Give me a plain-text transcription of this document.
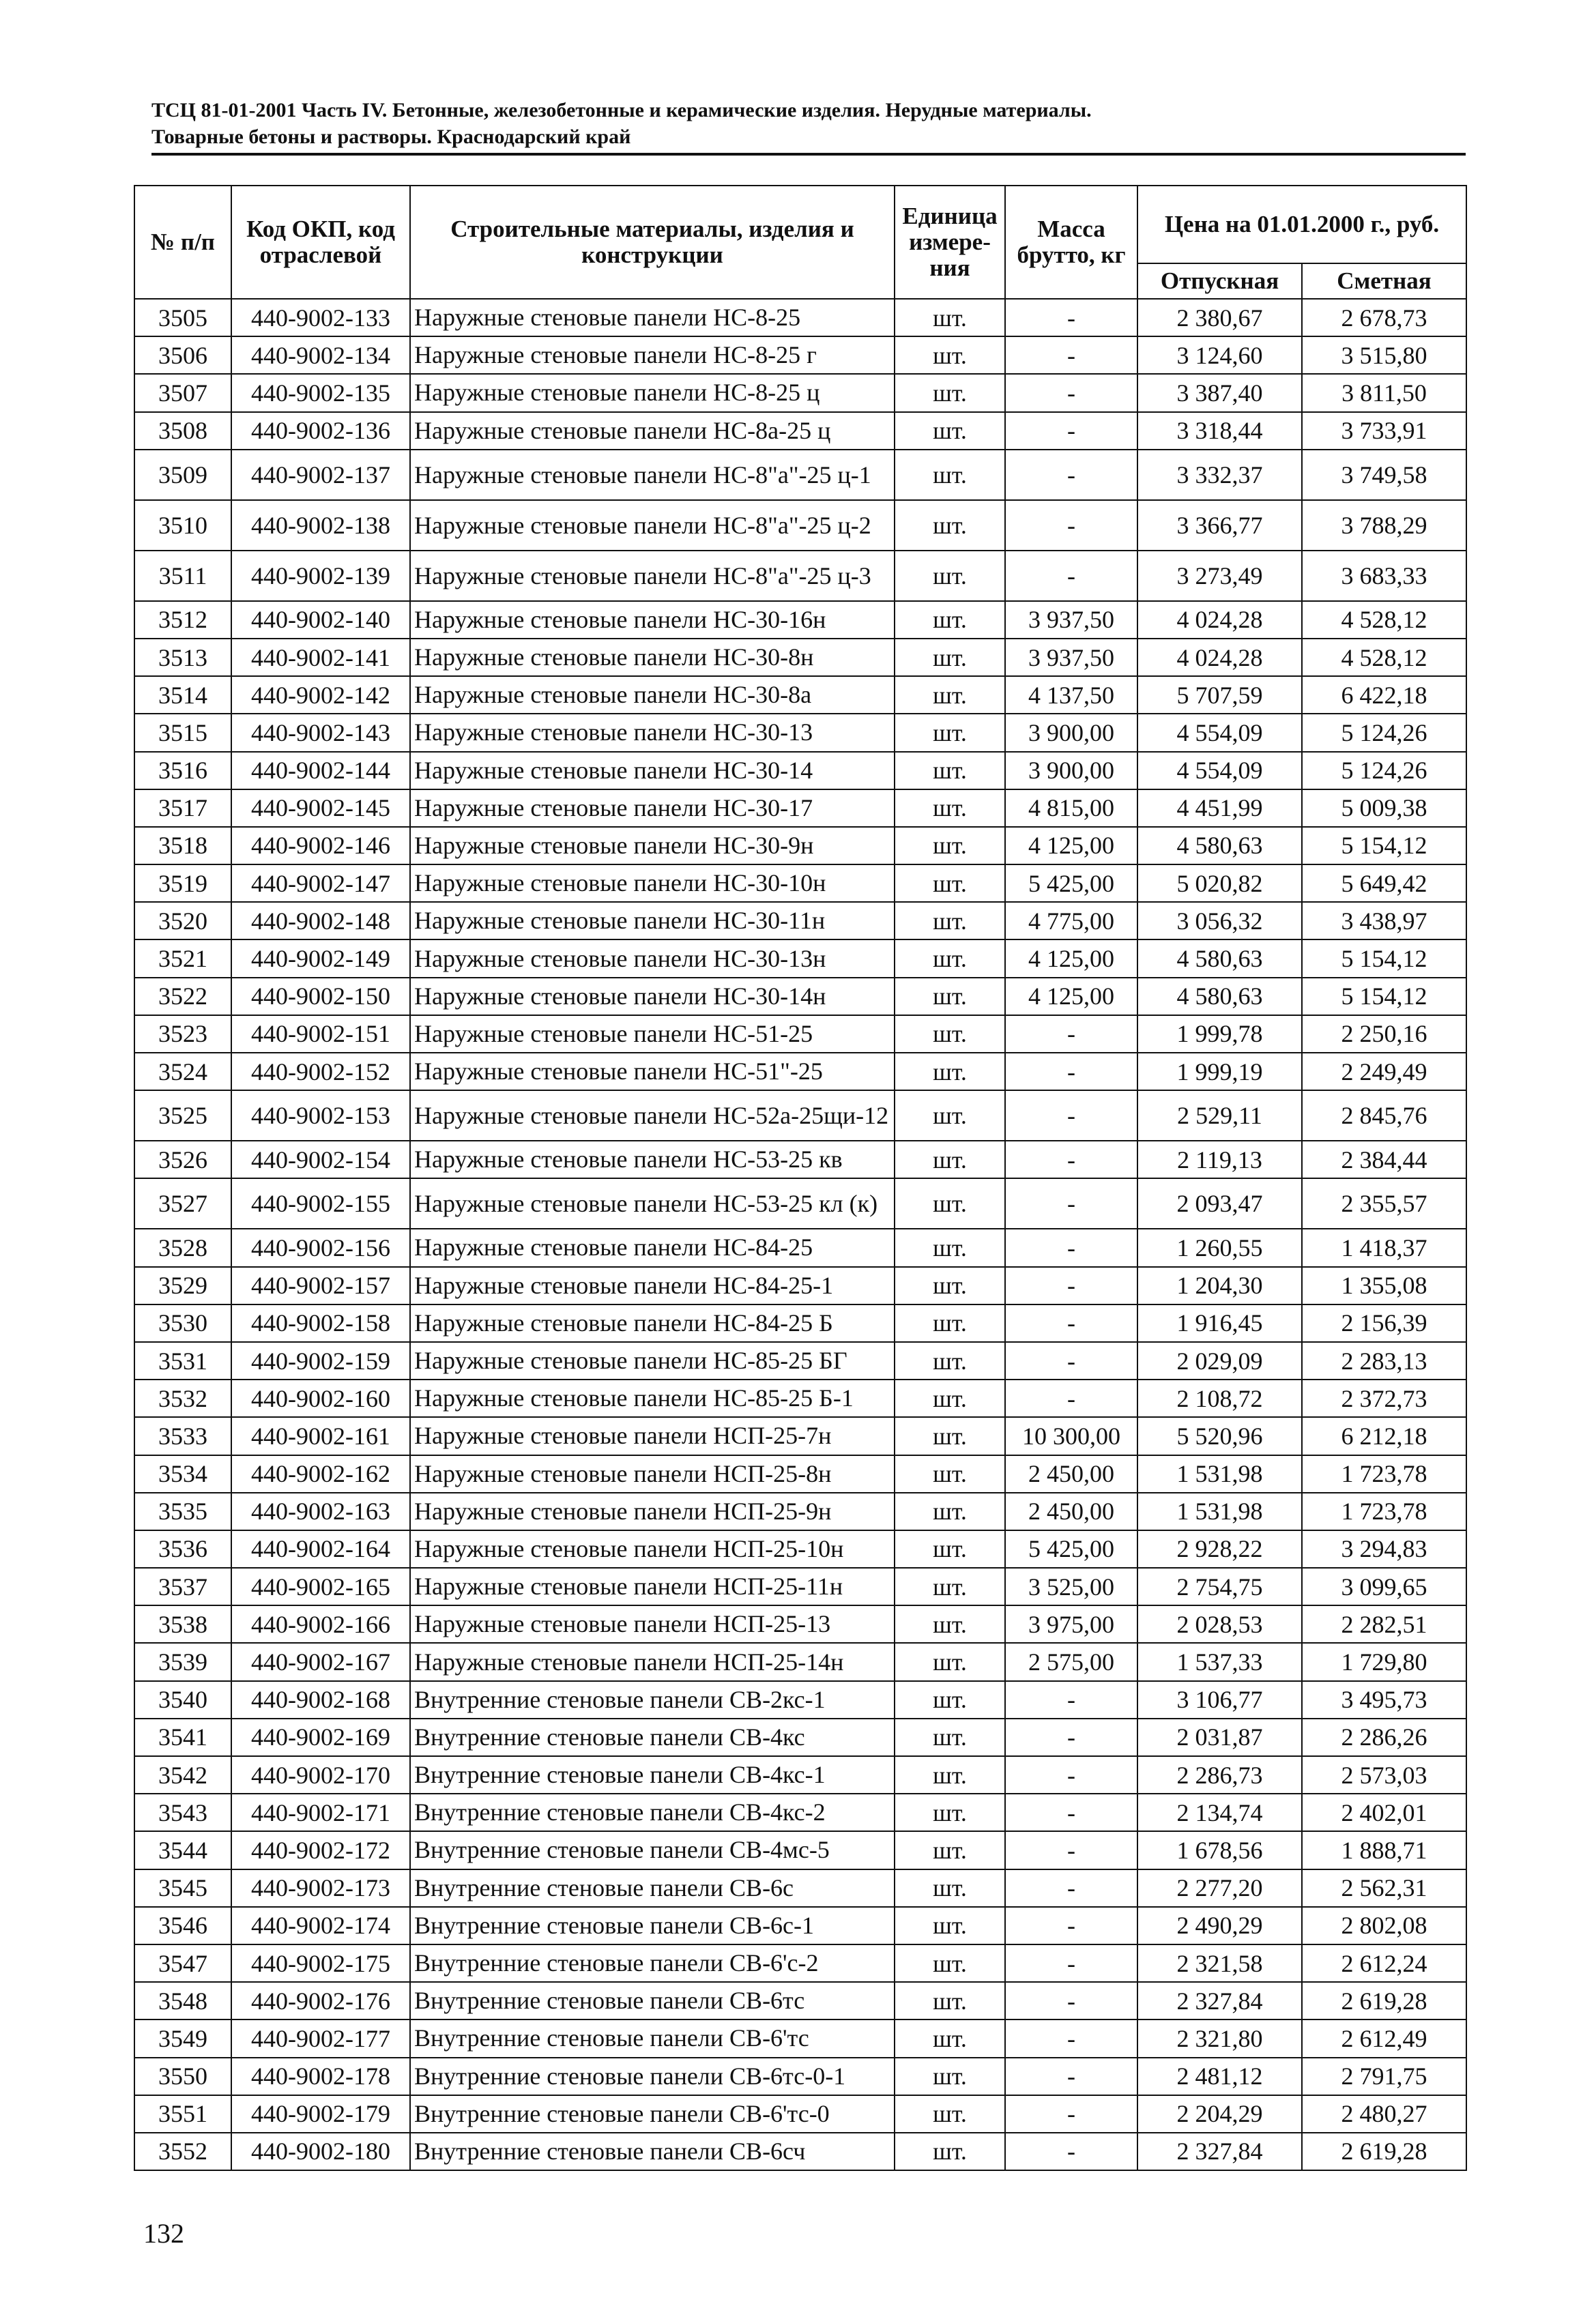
ТСЦ 81-01-2001 Часть IV. Бетонные, железобетонные и керамические изделия. Нерудные материалы.
Товарные бетоны и растворы. Краснодарский край
№ п/п	Код ОКП, код отраслевой	Строительные материалы, изделия и конструкции	Единица измере-ния	Масса брутто, кг	Цена на 01.01.2000 г., руб.	
					Отпускная	Сметная
3505	440-9002-133	Наружные стеновые панели НС-8-25	шт.	-	2 380,67	2 678,73
3506	440-9002-134	Наружные стеновые панели НС-8-25 г	шт.	-	3 124,60	3 515,80
3507	440-9002-135	Наружные стеновые панели НС-8-25 ц	шт.	-	3 387,40	3 811,50
3508	440-9002-136	Наружные стеновые панели НС-8а-25 ц	шт.	-	3 318,44	3 733,91
3509	440-9002-137	Наружные стеновые панели НС-8"а"-25 ц-1	шт.	-	3 332,37	3 749,58
3510	440-9002-138	Наружные стеновые панели НС-8"а"-25 ц-2	шт.	-	3 366,77	3 788,29
3511	440-9002-139	Наружные стеновые панели НС-8"а"-25 ц-3	шт.	-	3 273,49	3 683,33
3512	440-9002-140	Наружные стеновые панели НС-30-16н	шт.	3 937,50	4 024,28	4 528,12
3513	440-9002-141	Наружные стеновые панели НС-30-8н	шт.	3 937,50	4 024,28	4 528,12
3514	440-9002-142	Наружные стеновые панели НС-30-8а	шт.	4 137,50	5 707,59	6 422,18
3515	440-9002-143	Наружные стеновые панели НС-30-13	шт.	3 900,00	4 554,09	5 124,26
3516	440-9002-144	Наружные стеновые панели НС-30-14	шт.	3 900,00	4 554,09	5 124,26
3517	440-9002-145	Наружные стеновые панели НС-30-17	шт.	4 815,00	4 451,99	5 009,38
3518	440-9002-146	Наружные стеновые панели НС-30-9н	шт.	4 125,00	4 580,63	5 154,12
3519	440-9002-147	Наружные стеновые панели НС-30-10н	шт.	5 425,00	5 020,82	5 649,42
3520	440-9002-148	Наружные стеновые панели НС-30-11н	шт.	4 775,00	3 056,32	3 438,97
3521	440-9002-149	Наружные стеновые панели НС-30-13н	шт.	4 125,00	4 580,63	5 154,12
3522	440-9002-150	Наружные стеновые панели НС-30-14н	шт.	4 125,00	4 580,63	5 154,12
3523	440-9002-151	Наружные стеновые панели НС-51-25	шт.	-	1 999,78	2 250,16
3524	440-9002-152	Наружные стеновые панели НС-51"-25	шт.	-	1 999,19	2 249,49
3525	440-9002-153	Наружные стеновые панели НС-52а-25щи-12	шт.	-	2 529,11	2 845,76
3526	440-9002-154	Наружные стеновые панели НС-53-25 кв	шт.	-	2 119,13	2 384,44
3527	440-9002-155	Наружные стеновые панели НС-53-25 кл (к)	шт.	-	2 093,47	2 355,57
3528	440-9002-156	Наружные стеновые панели НС-84-25	шт.	-	1 260,55	1 418,37
3529	440-9002-157	Наружные стеновые панели НС-84-25-1	шт.	-	1 204,30	1 355,08
3530	440-9002-158	Наружные стеновые панели НС-84-25 Б	шт.	-	1 916,45	2 156,39
3531	440-9002-159	Наружные стеновые панели НС-85-25 БГ	шт.	-	2 029,09	2 283,13
3532	440-9002-160	Наружные стеновые панели НС-85-25 Б-1	шт.	-	2 108,72	2 372,73
3533	440-9002-161	Наружные стеновые панели НСП-25-7н	шт.	10 300,00	5 520,96	6 212,18
3534	440-9002-162	Наружные стеновые панели НСП-25-8н	шт.	2 450,00	1 531,98	1 723,78
3535	440-9002-163	Наружные стеновые панели НСП-25-9н	шт.	2 450,00	1 531,98	1 723,78
3536	440-9002-164	Наружные стеновые панели НСП-25-10н	шт.	5 425,00	2 928,22	3 294,83
3537	440-9002-165	Наружные стеновые панели НСП-25-11н	шт.	3 525,00	2 754,75	3 099,65
3538	440-9002-166	Наружные стеновые панели НСП-25-13	шт.	3 975,00	2 028,53	2 282,51
3539	440-9002-167	Наружные стеновые панели НСП-25-14н	шт.	2 575,00	1 537,33	1 729,80
3540	440-9002-168	Внутренние стеновые панели СВ-2кс-1	шт.	-	3 106,77	3 495,73
3541	440-9002-169	Внутренние стеновые панели СВ-4кс	шт.	-	2 031,87	2 286,26
3542	440-9002-170	Внутренние стеновые панели СВ-4кс-1	шт.	-	2 286,73	2 573,03
3543	440-9002-171	Внутренние стеновые панели СВ-4кс-2	шт.	-	2 134,74	2 402,01
3544	440-9002-172	Внутренние стеновые панели СВ-4мс-5	шт.	-	1 678,56	1 888,71
3545	440-9002-173	Внутренние стеновые панели СВ-6с	шт.	-	2 277,20	2 562,31
3546	440-9002-174	Внутренние стеновые панели СВ-6с-1	шт.	-	2 490,29	2 802,08
3547	440-9002-175	Внутренние стеновые панели СВ-6'с-2	шт.	-	2 321,58	2 612,24
3548	440-9002-176	Внутренние стеновые панели СВ-6тс	шт.	-	2 327,84	2 619,28
3549	440-9002-177	Внутренние стеновые панели СВ-6'тс	шт.	-	2 321,80	2 612,49
3550	440-9002-178	Внутренние стеновые панели СВ-6тс-0-1	шт.	-	2 481,12	2 791,75
3551	440-9002-179	Внутренние стеновые панели СВ-6'тс-0	шт.	-	2 204,29	2 480,27
3552	440-9002-180	Внутренние стеновые панели СВ-6сч	шт.	-	2 327,84	2 619,28
132
